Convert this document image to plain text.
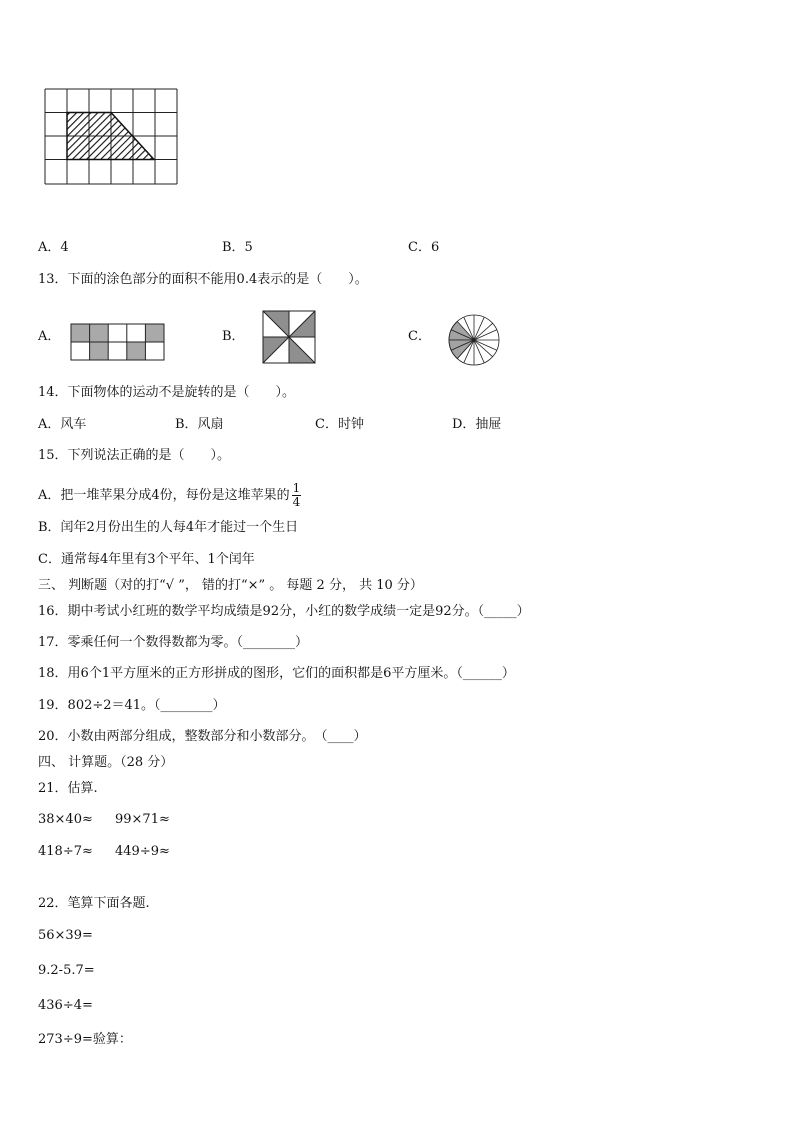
A．4	B．5	C．6
13．下面的涂色部分的面积不能用0.4表示的是（　　）。
A．	B．	C．
14．下面物体的运动不是旋转的是（　　）。
A．风车	B．风扇	C．时钟	D．抽屉
15．下列说法正确的是（　　）。
A．把一堆苹果分成4份，每份是这堆苹果的 $\frac{1}{4}$
B．闰年2月份出生的人每4年才能过一个生日
C．通常每4年里有3个平年、1个闰年
三、 判断题（对的打“√ ”， 错的打“×” 。 每题 2 分， 共 10 分）
16．期中考试小红班的数学平均成绩是92分，小红的数学成绩一定是92分。（_____）
17．零乘任何一个数得数都为零。（________）
18．用6个1平方厘米的正方形拼成的图形，它们的面积都是6平方厘米。（______）
19．802÷2＝41。（________）
20．小数由两部分组成，整数部分和小数部分。　（____）
四、 计算题。（28 分）
21．估算.
38×40≈ 99×71≈
418÷7≈ 449÷9≈
22．笔算下面各题.
56×39=
9.2-5.7=
436÷4=
273÷9=验算：
